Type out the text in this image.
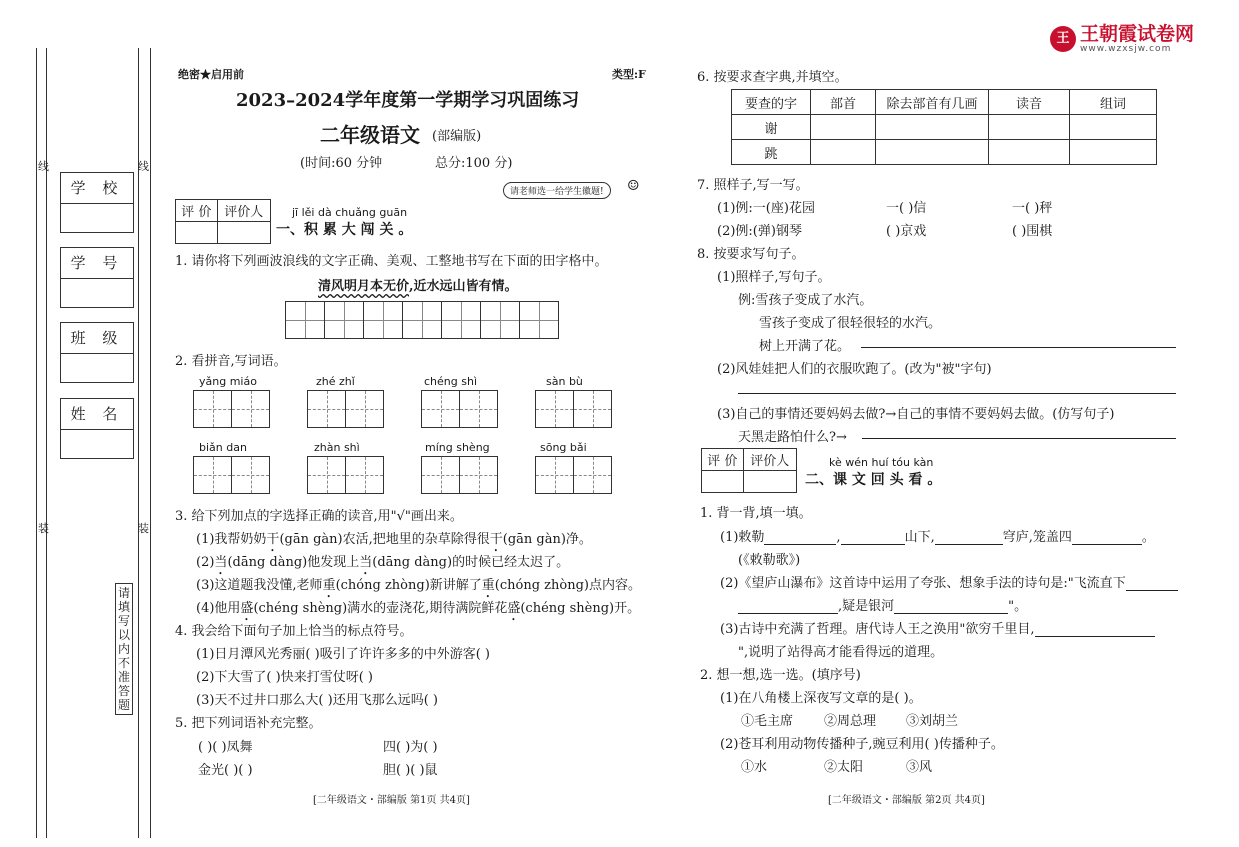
王 王朝霞试卷网
www.wzxsjw.com
学 校
学 号
班 级
姓 名
线	线
装	装
请填写以内不准答题
绝密★启用前	类型:F
2023–2024学年度第一学期学习巩固练习
二年级语文 (部编版)
(时间:60 分钟	总分:100 分)
请老师选一给学生徽题!	☺
评 价	评价人
		jī lěi dà chuǎng guān
一、积 累 大 闯 关 。
1. 请你将下列画波浪线的文字正确、美观、工整地书写在下面的田字格中。
清风明月本无价,近水远山皆有情。
2. 看拼音,写词语。
yǎng miáo	zhé zhǐ	chéng shì	sàn bù
biǎn dan	zhàn shì	míng shèng	sōng bǎi
3. 给下列加点的字选择正确的读音,用"√"画出来。
(1)我帮奶奶干(gān gàn)农活,把地里的杂草除得很干(gān gàn)净。
(2)当(dāng dàng)他发现上当(dāng dàng)的时候已经太迟了。
(3)这道题我没懂,老师重(chóng zhòng)新讲解了重(chóng zhòng)点内容。
(4)他用盛(chéng shèng)满水的壶浇花,期待满院鲜花盛(chéng shèng)开。
4. 我会给下面句子加上恰当的标点符号。
(1)日月潭风光秀丽( )吸引了许许多多的中外游客( )
(2)下大雪了( )快来打雪仗呀( )
(3)天不过井口那么大( )还用飞那么远吗( )
5. 把下列词语补充完整。
( )( )凤舞	四( )为( )
金光( )( )	胆( )( )鼠
[二年级语文・部编版 第1页 共4页]
6. 按要求查字典,并填空。
要查的字	部首	除去部首有几画	读音	组词
谢				
跳				
7. 照样子,写一写。
(1)例:一(座)花园	一( )信	一( )秤
(2)例:(弹)钢琴	( )京戏	( )围棋
8. 按要求写句子。
(1)照样子,写句子。
例:雪孩子变成了水汽。
雪孩子变成了很轻很轻的水汽。
树上开满了花。
(2)风娃娃把人们的衣服吹跑了。(改为"被"字句)
(3)自己的事情还要妈妈去做?→自己的事情不要妈妈去做。(仿写句子)
天黑走路怕什么?→
评 价	评价人
		kè wén huí tóu kàn
二、课 文 回 头 看 。
1. 背一背,填一填。
(1)敕勒	,	山下,	穹庐,笼盖四	。
(《敕勒歌》)
(2)《望庐山瀑布》这首诗中运用了夸张、想象手法的诗句是:"飞流直下
,疑是银河	"。
(3)古诗中充满了哲理。唐代诗人王之涣用"欲穷千里目,
",说明了站得高才能看得远的道理。
2. 想一想,选一选。(填序号)
(1)在八角楼上深夜写文章的是( )。
①毛主席 ②周总理 ③刘胡兰
(2)苍耳利用动物传播种子,豌豆利用( )传播种子。
①水	②太阳	③风
[二年级语文・部编版 第2页 共4页]
